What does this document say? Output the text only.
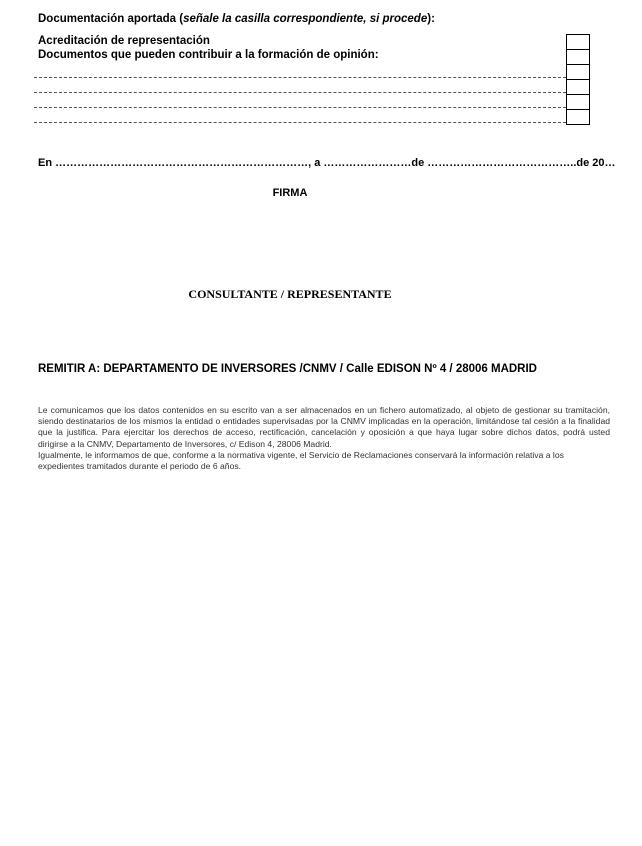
Documentación aportada (señale la casilla correspondiente, si procede):
Acreditación de representación
Documentos que pueden contribuir a la formación de opinión:
En ……………………………………………………………, a ……………………de …………………………………..de 20…
FIRMA
CONSULTANTE / REPRESENTANTE
REMITIR A: DEPARTAMENTO DE INVERSORES /CNMV / Calle EDISON Nº 4 / 28006 MADRID

Le comunicamos que los datos contenidos en su escrito van a ser almacenados en un fichero automatizado, al objeto de gestionar su tramitación, siendo destinatarios de los mismos la entidad o entidades supervisadas por la CNMV implicadas en la operación, limitándose tal cesión a la finalidad que la justifica. Para ejercitar los derechos de acceso, rectificación, cancelación y oposición a que haya lugar sobre dichos datos, podrá usted dirigirse a la CNMV, Departamento de Inversores, c/ Edison 4, 28006 Madrid.

Igualmente, le informamos de que, conforme a la normativa vigente, el Servicio de Reclamaciones conservará la información relativa a los expedientes tramitados durante el periodo de 6 años.
